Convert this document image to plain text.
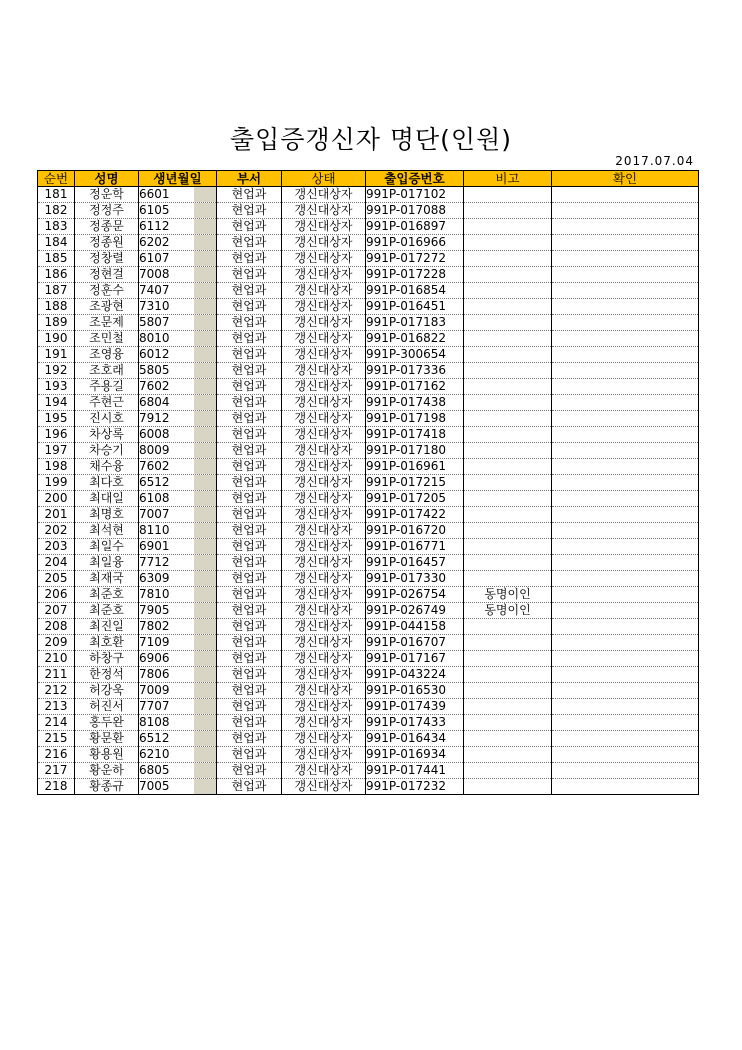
출입증갱신자 명단(인원)
2017.07.04
순번	성명	생년월일	부서	상태	출입증번호	비고	확인
181	정운학	6601	현업과	갱신대상자	991P-017102		
182	정정주	6105	현업과	갱신대상자	991P-017088		
183	정종문	6112	현업과	갱신대상자	991P-016897		
184	정종원	6202	현업과	갱신대상자	991P-016966		
185	정창렬	6107	현업과	갱신대상자	991P-017272		
186	정현걸	7008	현업과	갱신대상자	991P-017228		
187	정훈수	7407	현업과	갱신대상자	991P-016854		
188	조광현	7310	현업과	갱신대상자	991P-016451		
189	조문제	5807	현업과	갱신대상자	991P-017183		
190	조민철	8010	현업과	갱신대상자	991P-016822		
191	조영융	6012	현업과	갱신대상자	991P-300654		
192	조호래	5805	현업과	갱신대상자	991P-017336		
193	주용길	7602	현업과	갱신대상자	991P-017162		
194	주현근	6804	현업과	갱신대상자	991P-017438		
195	진시호	7912	현업과	갱신대상자	991P-017198		
196	차상록	6008	현업과	갱신대상자	991P-017418		
197	차승기	8009	현업과	갱신대상자	991P-017180		
198	채수융	7602	현업과	갱신대상자	991P-016961		
199	최다호	6512	현업과	갱신대상자	991P-017215		
200	최대일	6108	현업과	갱신대상자	991P-017205		
201	최명호	7007	현업과	갱신대상자	991P-017422		
202	최석현	8110	현업과	갱신대상자	991P-016720		
203	최일수	6901	현업과	갱신대상자	991P-016771		
204	최일융	7712	현업과	갱신대상자	991P-016457		
205	최재국	6309	현업과	갱신대상자	991P-017330		
206	최준호	7810	현업과	갱신대상자	991P-026754	동명이인	
207	최준호	7905	현업과	갱신대상자	991P-026749	동명이인	
208	최진일	7802	현업과	갱신대상자	991P-044158		
209	최호환	7109	현업과	갱신대상자	991P-016707		
210	하창구	6906	현업과	갱신대상자	991P-017167		
211	한정석	7806	현업과	갱신대상자	991P-043224		
212	허강욱	7009	현업과	갱신대상자	991P-016530		
213	허진서	7707	현업과	갱신대상자	991P-017439		
214	홍두완	8108	현업과	갱신대상자	991P-017433		
215	황문환	6512	현업과	갱신대상자	991P-016434		
216	황용원	6210	현업과	갱신대상자	991P-016934		
217	황운하	6805	현업과	갱신대상자	991P-017441		
218	황종규	7005	현업과	갱신대상자	991P-017232		
